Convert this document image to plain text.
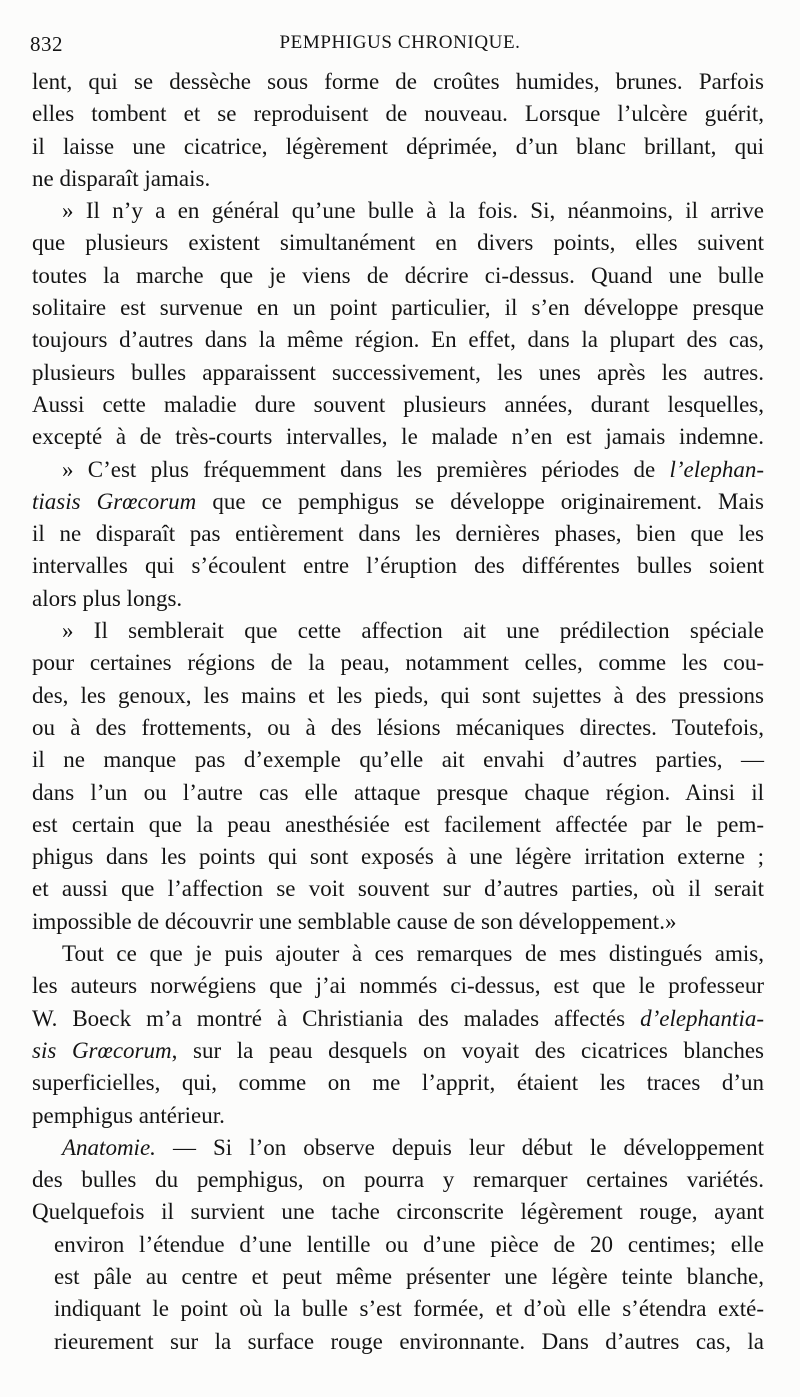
832	PEMPHIGUS CHRONIQUE.
lent, qui se dessèche sous forme de croûtes humides, brunes. Parfois
elles tombent et se reproduisent de nouveau. Lorsque l’ulcère guérit,
il laisse une cicatrice, légèrement déprimée, d’un blanc brillant, qui
ne disparaît jamais.
» Il n’y a en général qu’une bulle à la fois. Si, néanmoins, il arrive
que plusieurs existent simultanément en divers points, elles suivent
toutes la marche que je viens de décrire ci-dessus. Quand une bulle
solitaire est survenue en un point particulier, il s’en développe presque
toujours d’autres dans la même région. En effet, dans la plupart des cas,
plusieurs bulles apparaissent successivement, les unes après les autres.
Aussi cette maladie dure souvent plusieurs années, durant lesquelles,
excepté à de très-courts intervalles, le malade n’en est jamais indemne.
» C’est plus fréquemment dans les premières périodes de l’elephan-
tiasis Grœcorum que ce pemphigus se développe originairement. Mais
il ne disparaît pas entièrement dans les dernières phases, bien que les
intervalles qui s’écoulent entre l’éruption des différentes bulles soient
alors plus longs.
» Il semblerait que cette affection ait une prédilection spéciale
pour certaines régions de la peau, notamment celles, comme les cou-
des, les genoux, les mains et les pieds, qui sont sujettes à des pressions
ou à des frottements, ou à des lésions mécaniques directes. Toutefois,
il ne manque pas d’exemple qu’elle ait envahi d’autres parties, —
dans l’un ou l’autre cas elle attaque presque chaque région. Ainsi il
est certain que la peau anesthésiée est facilement affectée par le pem-
phigus dans les points qui sont exposés à une légère irritation externe ;
et aussi que l’affection se voit souvent sur d’autres parties, où il serait
impossible de découvrir une semblable cause de son développement.»
Tout ce que je puis ajouter à ces remarques de mes distingués amis,
les auteurs norwégiens que j’ai nommés ci-dessus, est que le professeur
W. Boeck m’a montré à Christiania des malades affectés d’elephantia-
sis Grœcorum, sur la peau desquels on voyait des cicatrices blanches
superficielles, qui, comme on me l’apprit, étaient les traces d’un
pemphigus antérieur.
Anatomie. — Si l’on observe depuis leur début le développement
des bulles du pemphigus, on pourra y remarquer certaines variétés.
Quelquefois il survient une tache circonscrite légèrement rouge, ayant
environ l’étendue d’une lentille ou d’une pièce de 20 centimes; elle
est pâle au centre et peut même présenter une légère teinte blanche,
indiquant le point où la bulle s’est formée, et d’où elle s’étendra exté-
rieurement sur la surface rouge environnante. Dans d’autres cas, la
